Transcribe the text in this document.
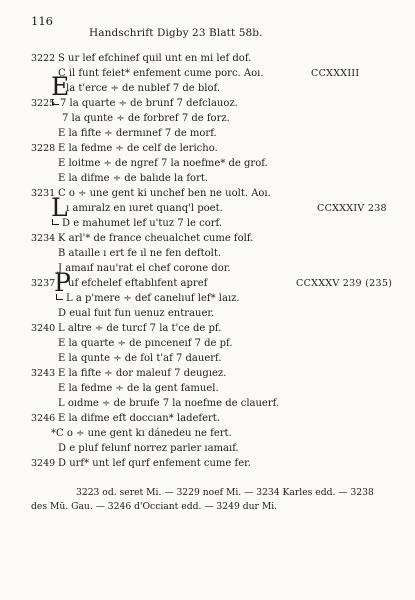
116
Handschrift Digby 23 Blatt 58b.
3222 S ur lef efchinef quil unt en mi lef dof.
C il funt feiet* enfement cume porc. Aoı.	CCXXXIII
E
la t'erce ÷ de nublef 7 de blof.
3225 7 la quarte ÷ de brunf 7 defclauoz.
7 la qunte ÷ de forbref 7 de forz.
E la fifte ÷ dermınef 7 de morf.
3228 E la fedme ÷ de celf de lericho.
E loitme ÷ de ngref 7 la noefme* de grof.
E la difme ÷ de balıde la fort.
3231 C o ÷ une gent ki unchef ben ne uolt. Aoı.
L
ı amıralz en ıuret quanq'l poet.	CCXXXIV 238
D e mahumet lef u'tuz 7 le corf.
3234 K arl'* de france cheualchet cume folf.
B ataılle ı ert fe ıl ne fen deftolt.
J amaıf nau'rat el chef corone dor.
3237
P
uf efchelef eftablıfent apref	CCXXXV 239 (235)
L a p'mere ÷ def canelıuf lef* laız.
D eual fuıt fun uenuz entrauer.
3240 L altre ÷ de turcf 7 la t'ce de pf.
E la quarte ÷ de pınceneıf 7 de pf.
E la qunte ÷ de fol t'af 7 dauerf.
3243 E la fifte ÷ dor maleuf 7 deugıez.
E la fedme ÷ de la gent famuel.
L oıdme ÷ de bruıfe 7 la noefme de clauerf.
3246 E la difme eft doccıan* ladefert.
*C o ÷ une gent kı dánedeu ne fert.
D e pluf felunf norrez parler ıamaıf.
3249 D urf* unt lef qurf enfement cume fer.
3223 od. seret Mi. — 3229 noef Mi. — 3234 Karles edd. — 3238
des Mü. Gau. — 3246 d'Occiant edd. — 3249 dur Mi.
